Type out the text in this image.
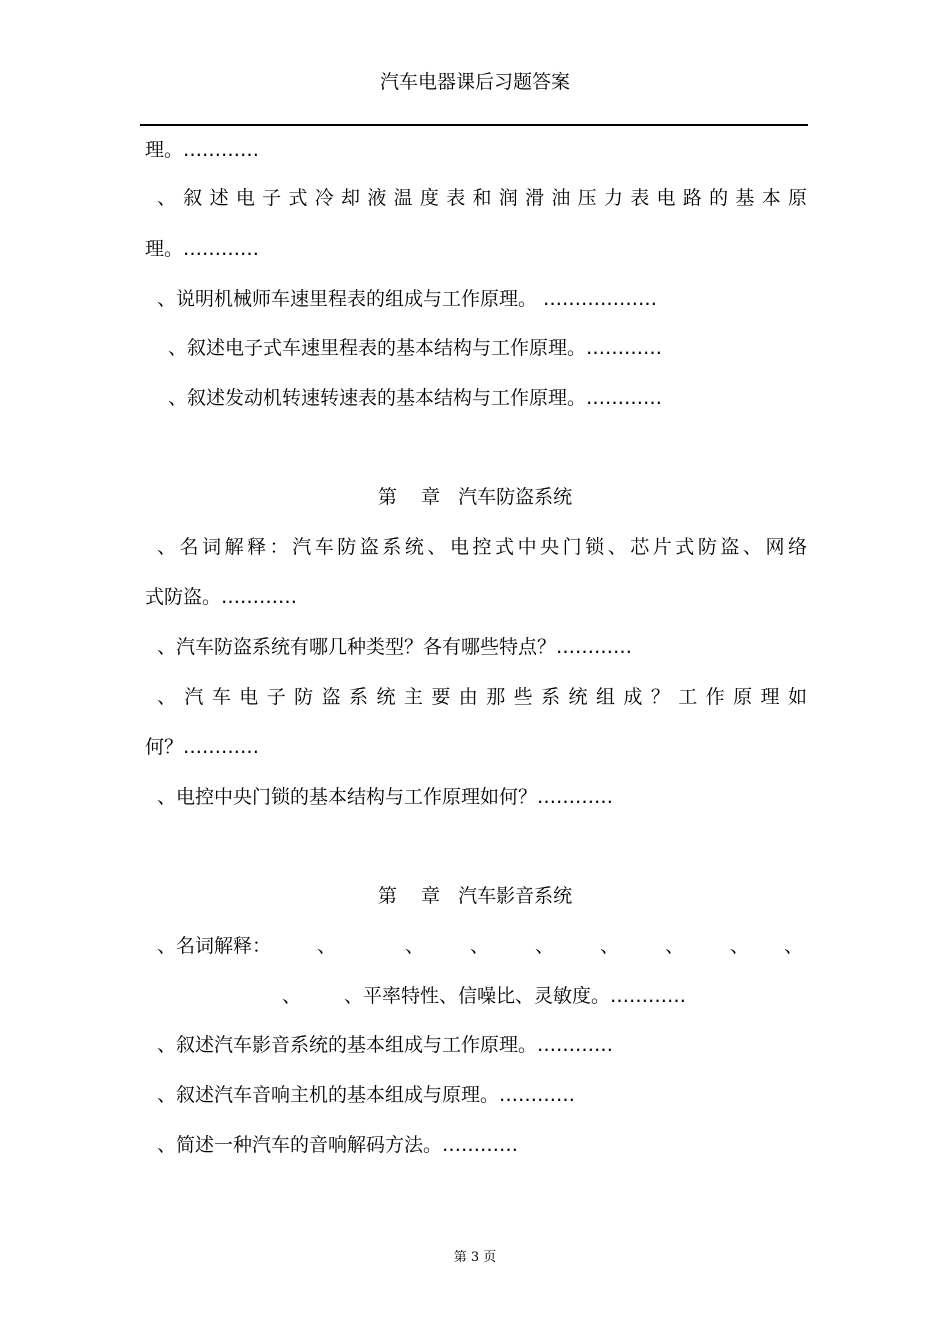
汽车电器课后习题答案
理。…………
、叙述电子式冷却液温度表和润滑油压力表电路的基本原
理。…………
、说明机械师车速里程表的组成与工作原理。 ………………
、叙述电子式车速里程表的基本结构与工作原理。…………
、叙述发动机转速转速表的基本结构与工作原理。…………
第    章   汽车防盗系统
、名词解释：汽车防盗系统、电控式中央门锁、芯片式防盗、网络
式防盗。…………
、汽车防盗系统有哪几种类型？各有哪些特点？…………
、汽车电子防盗系统主要由那些系统组成？工作原理如
何？…………
、电控中央门锁的基本结构与工作原理如何？…………
第    章   汽车影音系统
、名词解释： 、	、 、 、 、 、 、 、
、 、平率特性、信噪比、灵敏度。…………
、叙述汽车影音系统的基本组成与工作原理。…………
、叙述汽车音响主机的基本组成与原理。…………
、简述一种汽车的音响解码方法。…………
第 3 页
